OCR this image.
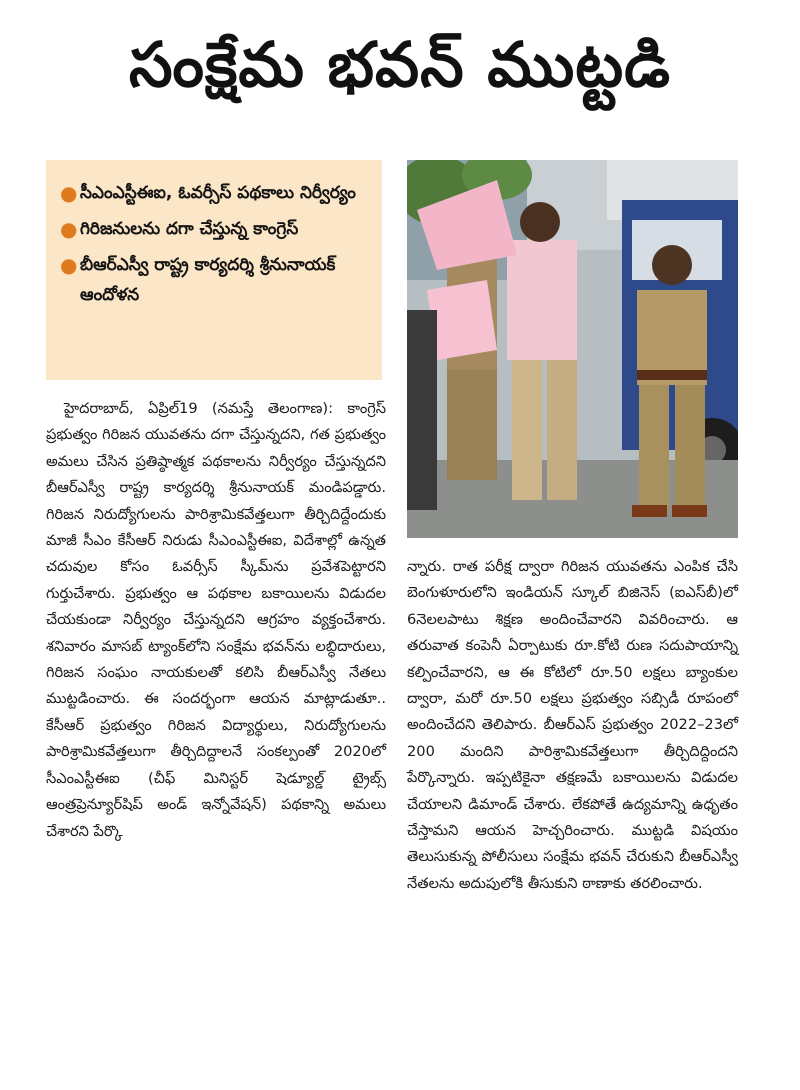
సంక్షేమ భవన్ ముట్టడి
● సీఎంఎస్టీఈఐ, ఓవర్సీస్ పథకాలు నిర్వీర్యం
● గిరిజనులను దగా చేస్తున్న కాంగ్రెస్
● బీఆర్ఎస్వీ రాష్ట్ర కార్యదర్శి శ్రీనునాయక్ ఆందోళన

హైదరాబాద్, ఏప్రిల్19 (నమస్తే తెలంగాణ): కాంగ్రెస్ ప్రభుత్వం గిరిజన యువతను దగా చేస్తున్నదని, గత ప్రభుత్వం అమలు చేసిన ప్రతిష్ఠాత్మక పథకాలను నిర్వీర్యం చేస్తున్నదని బీఆర్ఎస్వీ రాష్ట్ర కార్యదర్శి శ్రీనునాయక్ మండిపడ్డారు. గిరిజన నిరుద్యోగులను పారిశ్రామికవేత్తలుగా తీర్చిదిద్దేందుకు మాజీ సీఎం కేసీఆర్ నిరుడు సీఎంఎస్టీఈఐ, విదేశాల్లో ఉన్నత చదువుల కోసం ఓవర్సీస్ స్కీమ్‌ను ప్రవేశపెట్టారని గుర్తుచేశారు. ప్రభుత్వం ఆ పథకాల బకాయిలను విడుదల చేయకుండా నిర్వీర్యం చేస్తున్నదని ఆగ్రహం వ్యక్తంచేశారు. శనివారం మాసబ్ ట్యాంక్‌లోని సంక్షేమ భవన్‌ను లబ్ధిదారులు, గిరిజన సంఘం నాయకులతో కలిసి బీఆర్ఎస్వీ నేతలు ముట్టడించారు. ఈ సందర్భంగా ఆయన మాట్లాడుతూ.. కేసీఆర్ ప్రభుత్వం గిరిజన విద్యార్థులు, నిరుద్యోగులను పారిశ్రామికవేత్తలుగా తీర్చిదిద్దాలనే సంకల్పంతో 2020లో సీఎంఎస్టీఈఐ (చీఫ్ మినిస్టర్ షెడ్యూల్డ్ ట్రైబ్స్ ఆంత్రప్రెన్యూర్‌షిప్ అండ్ ఇన్నోవేషన్) పథకాన్ని అమలు చేశారని పేర్కొ

న్నారు. రాత పరీక్ష ద్వారా గిరిజన యువతను ఎంపిక చేసి బెంగుళూరులోని ఇండియన్ స్కూల్ బిజినెస్ (ఐఎస్‌బీ)లో 6నెలలపాటు శిక్షణ అందించేవారని వివరించారు. ఆ తరువాత కంపెనీ ఏర్పాటుకు రూ.కోటి రుణ సదుపాయాన్ని కల్పించేవారని, ఆ ఈ కోటిలో రూ.50 లక్షలు బ్యాంకుల ద్వారా, మరో రూ.50 లక్షలు ప్రభుత్వం సబ్సిడీ రూపంలో అందించేదని తెలిపారు. బీఆర్ఎస్ ప్రభుత్వం 2022–23లో 200 మందిని పారిశ్రామికవేత్తలుగా తీర్చిదిద్దిందని పేర్కొన్నారు. ఇప్పటికైనా తక్షణమే బకాయిలను విడుదల చేయాలని డిమాండ్ చేశారు. లేకపోతే ఉద్యమాన్ని ఉధృతం చేస్తామని ఆయన హెచ్చరించారు. ముట్టడి విషయం తెలుసుకున్న పోలీసులు సంక్షేమ భవన్ చేరుకుని బీఆర్ఎస్వీ నేతలను అదుపులోకి తీసుకుని ఠాణాకు తరలించారు.
